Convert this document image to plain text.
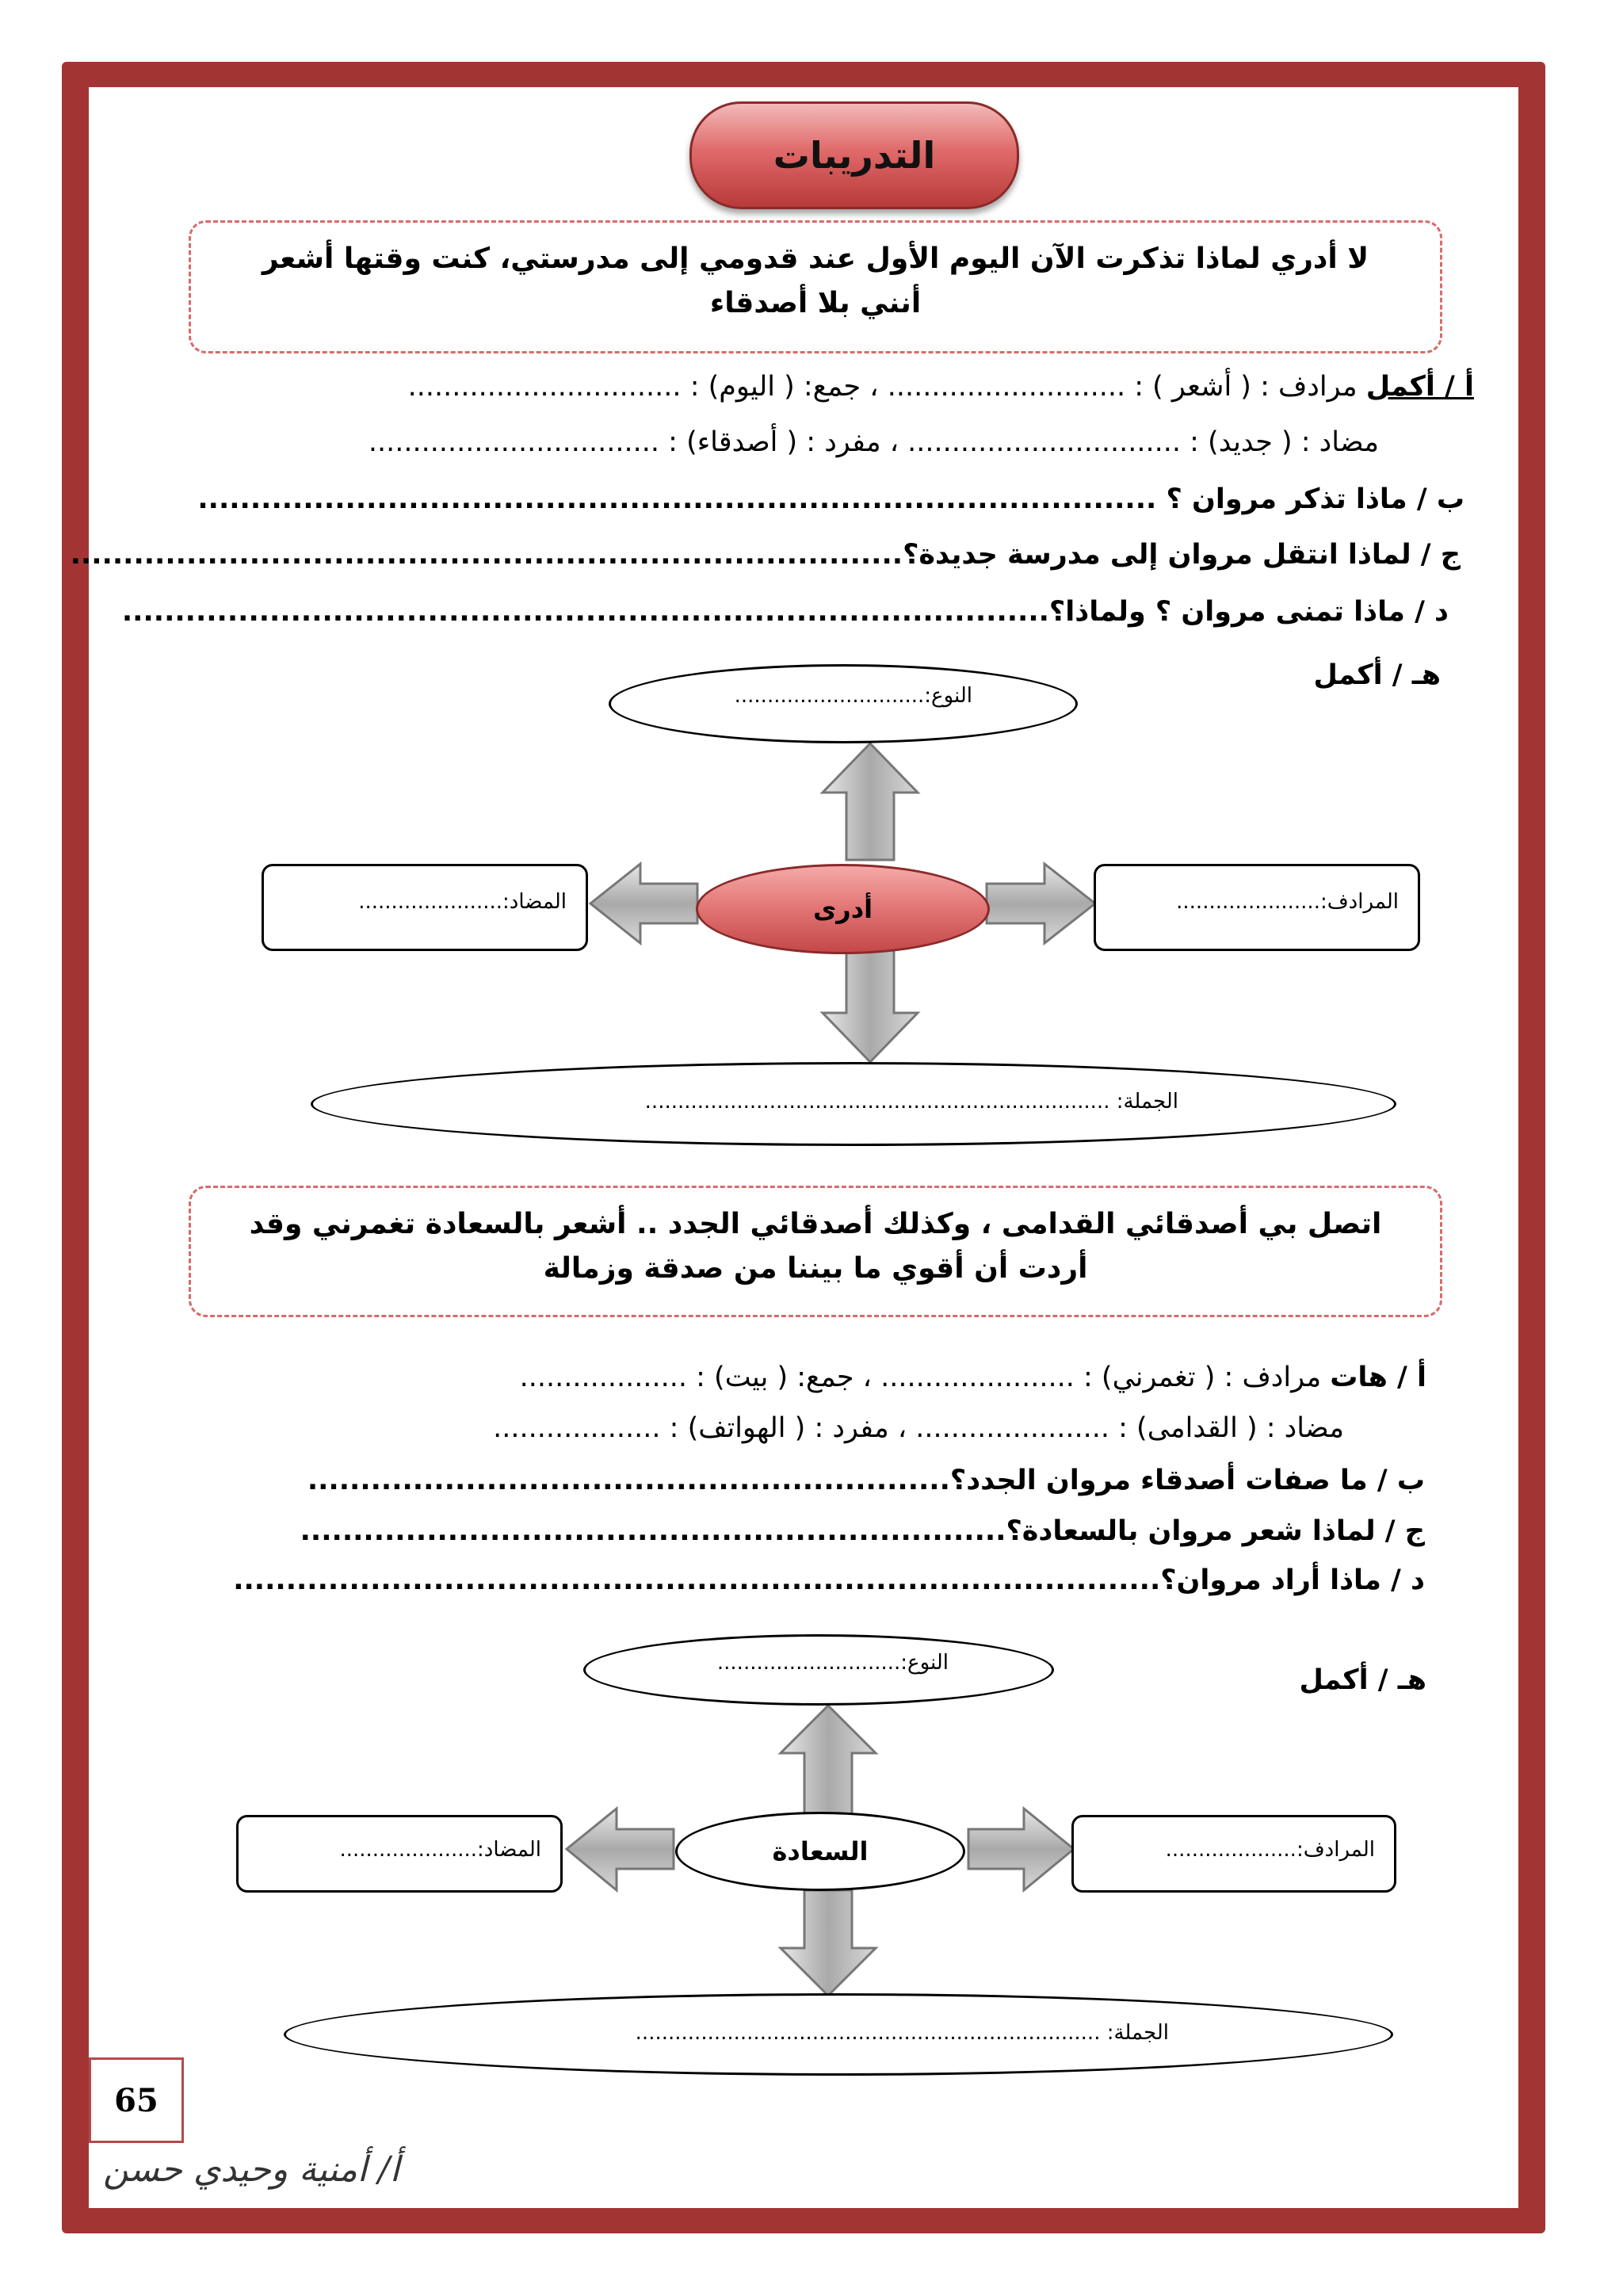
التدريبات
لا أدري لماذا تذكرت الآن اليوم الأول عند قدومي إلى مدرستي، كنت وقتها أشعر أنني بلا أصدقاء
أ / أكمل مرادف : ( أشعر ) : ........................... ، جمع: ( اليوم) : ...............................
مضاد : ( جديد) : ............................... ، مفرد : ( أصدقاء) : .................................
ب / ماذا تذكر مروان ؟ ...........................................................................................
ج / لماذا انتقل مروان إلى مدرسة جديدة؟...............................................................................
د / ماذا تمنى مروان ؟ ولماذا؟........................................................................................
هـ / أكمل
النوع:.............................
أدرى	المرادف:......................
المضاد:......................
الجملة: .......................................................................
اتصل بي أصدقائي القدامى ، وكذلك أصدقائي الجدد .. أشعر بالسعادة تغمرني وقد أردت أن أقوي ما بيننا من صدقة وزمالة
أ / هات مرادف : ( تغمرني) : ...................... ، جمع: ( بيت) : ...................
مضاد : ( القدامى) : ...................... ، مفرد : ( الهواتف) : ...................
ب / ما صفات أصدقاء مروان الجدد؟.............................................................
ج / لماذا شعر مروان بالسعادة؟...................................................................
د / ماذا أراد مروان؟........................................................................................
هـ / أكمل
النوع:............................
السعادة	المرادف:....................
المضاد:.....................
الجملة: .......................................................................
65
أ/ أمنية وحيدي حسن
